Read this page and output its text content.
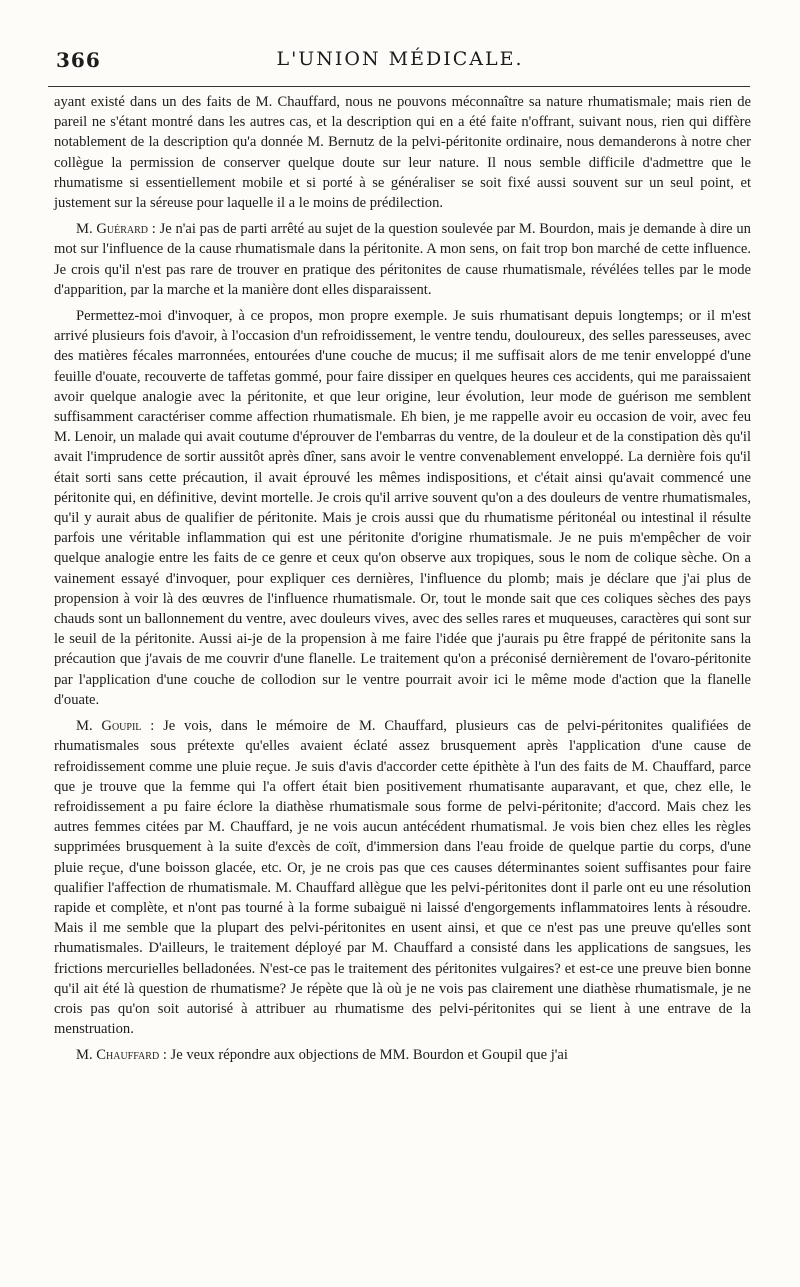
366	L'UNION MÉDICALE.

ayant existé dans un des faits de M. Chauffard, nous ne pouvons méconnaître sa nature rhumatismale; mais rien de pareil ne s'étant montré dans les autres cas, et la description qui en a été faite n'offrant, suivant nous, rien qui diffère notablement de la description qu'a donnée M. Bernutz de la pelvi-péritonite ordinaire, nous demanderons à notre cher collègue la permission de conserver quelque doute sur leur nature. Il nous semble difficile d'admettre que le rhumatisme si essentiellement mobile et si porté à se généraliser se soit fixé aussi souvent sur un seul point, et justement sur la séreuse pour laquelle il a le moins de prédilection.

M. Guérard : Je n'ai pas de parti arrêté au sujet de la question soulevée par M. Bourdon, mais je demande à dire un mot sur l'influence de la cause rhumatismale dans la péritonite. A mon sens, on fait trop bon marché de cette influence. Je crois qu'il n'est pas rare de trouver en pratique des péritonites de cause rhumatismale, révélées telles par le mode d'apparition, par la marche et la manière dont elles disparaissent.

Permettez-moi d'invoquer, à ce propos, mon propre exemple. Je suis rhumatisant depuis longtemps; or il m'est arrivé plusieurs fois d'avoir, à l'occasion d'un refroidissement, le ventre tendu, douloureux, des selles paresseuses, avec des matières fécales marronnées, entourées d'une couche de mucus; il me suffisait alors de me tenir enveloppé d'une feuille d'ouate, recouverte de taffetas gommé, pour faire dissiper en quelques heures ces accidents, qui me paraissaient avoir quelque analogie avec la péritonite, et que leur origine, leur évolution, leur mode de guérison me semblent suffisamment caractériser comme affection rhumatismale. Eh bien, je me rappelle avoir eu occasion de voir, avec feu M. Lenoir, un malade qui avait coutume d'éprouver de l'embarras du ventre, de la douleur et de la constipation dès qu'il avait l'imprudence de sortir aussitôt après dîner, sans avoir le ventre convenablement enveloppé. La dernière fois qu'il était sorti sans cette précaution, il avait éprouvé les mêmes indispositions, et c'était ainsi qu'avait commencé une péritonite qui, en définitive, devint mortelle. Je crois qu'il arrive souvent qu'on a des douleurs de ventre rhumatismales, qu'il y aurait abus de qualifier de péritonite. Mais je crois aussi que du rhumatisme péritonéal ou intestinal il résulte parfois une véritable inflammation qui est une péritonite d'origine rhumatismale. Je ne puis m'empêcher de voir quelque analogie entre les faits de ce genre et ceux qu'on observe aux tropiques, sous le nom de colique sèche. On a vainement essayé d'invoquer, pour expliquer ces dernières, l'influence du plomb; mais je déclare que j'ai plus de propension à voir là des œuvres de l'influence rhumatismale. Or, tout le monde sait que ces coliques sèches des pays chauds sont un ballonnement du ventre, avec douleurs vives, avec des selles rares et muqueuses, caractères qui sont sur le seuil de la péritonite. Aussi ai-je de la propension à me faire l'idée que j'aurais pu être frappé de péritonite sans la précaution que j'avais de me couvrir d'une flanelle. Le traitement qu'on a préconisé dernièrement de l'ovaro-péritonite par l'application d'une couche de collodion sur le ventre pourrait avoir ici le même mode d'action que la flanelle d'ouate.

M. Goupil : Je vois, dans le mémoire de M. Chauffard, plusieurs cas de pelvi-péritonites qualifiées de rhumatismales sous prétexte qu'elles avaient éclaté assez brusquement après l'application d'une cause de refroidissement comme une pluie reçue. Je suis d'avis d'accorder cette épithète à l'un des faits de M. Chauffard, parce que je trouve que la femme qui l'a offert était bien positivement rhumatisante auparavant, et que, chez elle, le refroidissement a pu faire éclore la diathèse rhumatismale sous forme de pelvi-péritonite; d'accord. Mais chez les autres femmes citées par M. Chauffard, je ne vois aucun antécédent rhumatismal. Je vois bien chez elles les règles supprimées brusquement à la suite d'excès de coït, d'immersion dans l'eau froide de quelque partie du corps, d'une pluie reçue, d'une boisson glacée, etc. Or, je ne crois pas que ces causes déterminantes soient suffisantes pour faire qualifier l'affection de rhumatismale. M. Chauffard allègue que les pelvi-péritonites dont il parle ont eu une résolution rapide et complète, et n'ont pas tourné à la forme subaiguë ni laissé d'engorgements inflammatoires lents à résoudre. Mais il me semble que la plupart des pelvi-péritonites en usent ainsi, et que ce n'est pas une preuve qu'elles sont rhumatismales. D'ailleurs, le traitement déployé par M. Chauffard a consisté dans les applications de sangsues, les frictions mercurielles belladonées. N'est-ce pas le traitement des péritonites vulgaires? et est-ce une preuve bien bonne qu'il ait été là question de rhumatisme? Je répète que là où je ne vois pas clairement une diathèse rhumatismale, je ne crois pas qu'on soit autorisé à attribuer au rhumatisme des pelvi-péritonites qui se lient à une entrave de la menstruation.

M. Chauffard : Je veux répondre aux objections de MM. Bourdon et Goupil que j'ai
